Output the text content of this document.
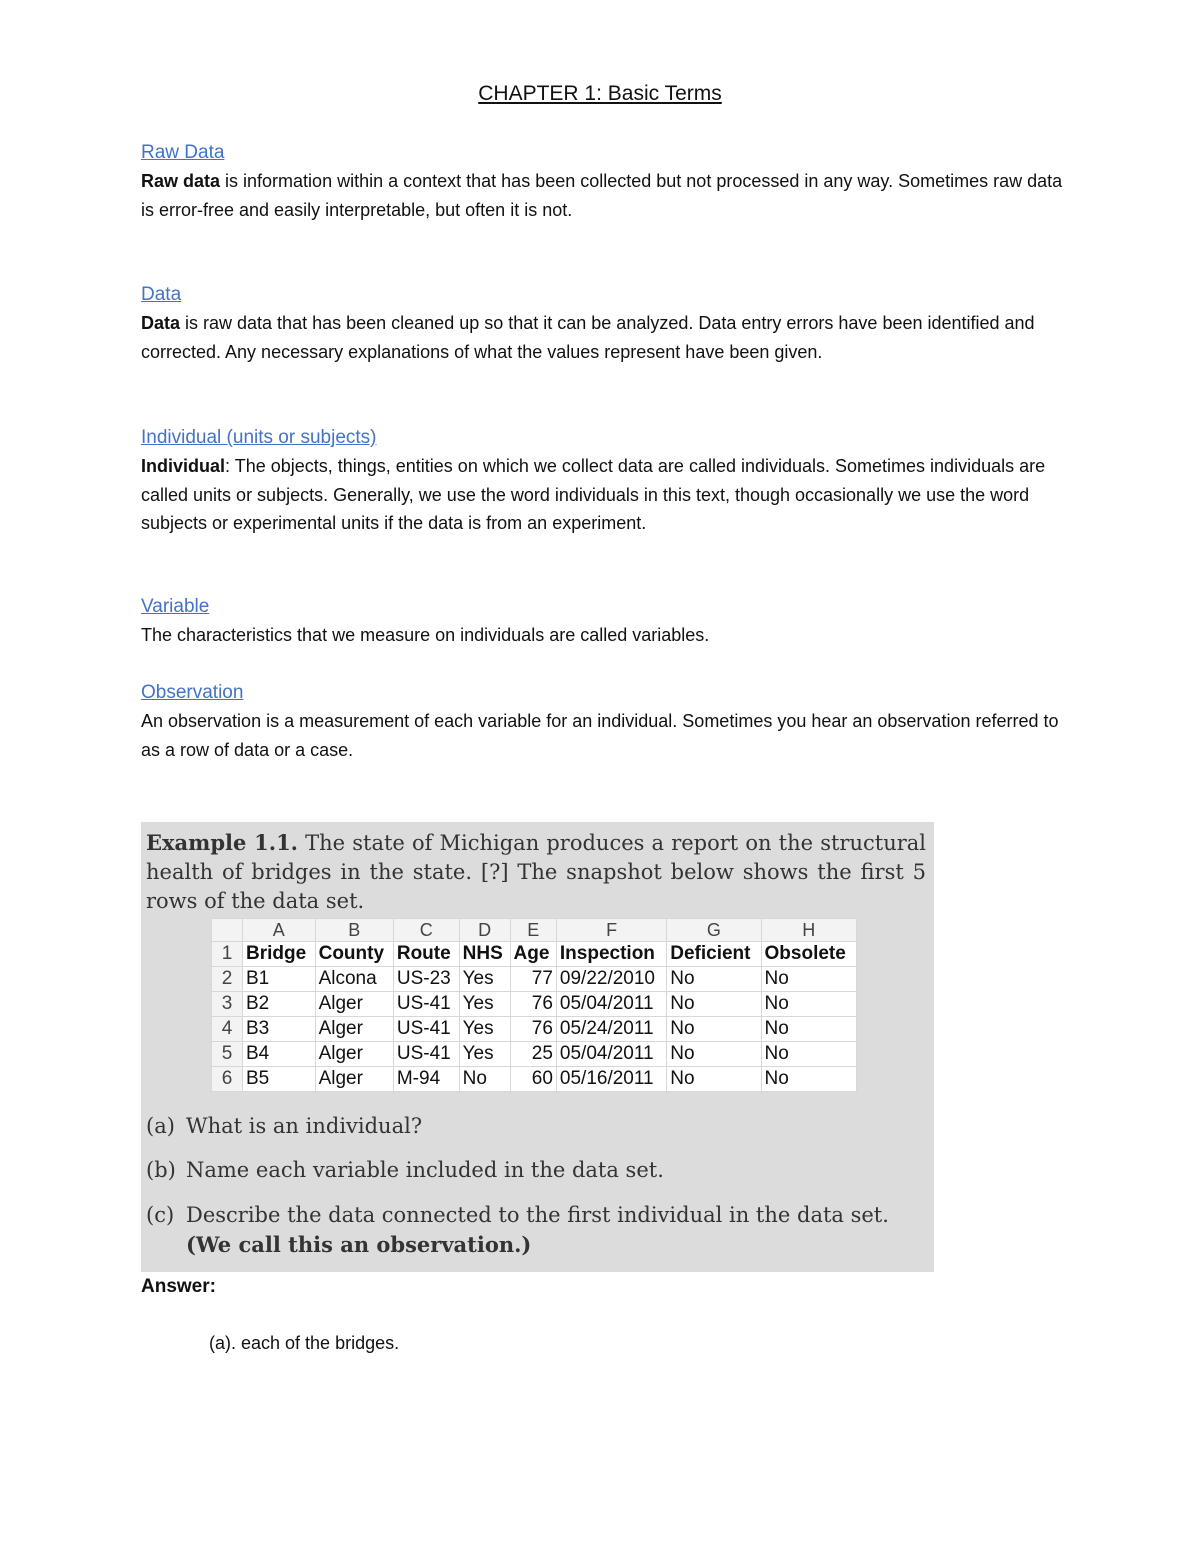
CHAPTER 1: Basic Terms
Raw Data
Raw data is information within a context that has been collected but not processed in any way. Sometimes raw data is error-free and easily interpretable, but often it is not.
Data
Data is raw data that has been cleaned up so that it can be analyzed. Data entry errors have been identified and corrected. Any necessary explanations of what the values represent have been given.
Individual (units or subjects)
Individual: The objects, things, entities on which we collect data are called individuals. Sometimes individuals are called units or subjects. Generally, we use the word individuals in this text, though occasionally we use the word subjects or experimental units if the data is from an experiment.
Variable
The characteristics that we measure on individuals are called variables.
Observation
An observation is a measurement of each variable for an individual. Sometimes you hear an observation referred to as a row of data or a case.
Example 1.1. The state of Michigan produces a report on the structural health of bridges in the state. [?] The snapshot below shows the first 5 rows of the data set.
	A	B	C	D	E	F	G	H
1	Bridge	County	Route	NHS	Age	Inspection	Deficient	Obsolete
2	B1	Alcona	US-23	Yes	77	09/22/2010	No	No
3	B2	Alger	US-41	Yes	76	05/04/2011	No	No
4	B3	Alger	US-41	Yes	76	05/24/2011	No	No
5	B4	Alger	US-41	Yes	25	05/04/2011	No	No
6	B5	Alger	M-94	No	60	05/16/2011	No	No
(a) What is an individual?
(b) Name each variable included in the data set.
(c) Describe the data connected to the first individual in the data set. (We call this an observation.)
Answer:
(a). each of the bridges.
